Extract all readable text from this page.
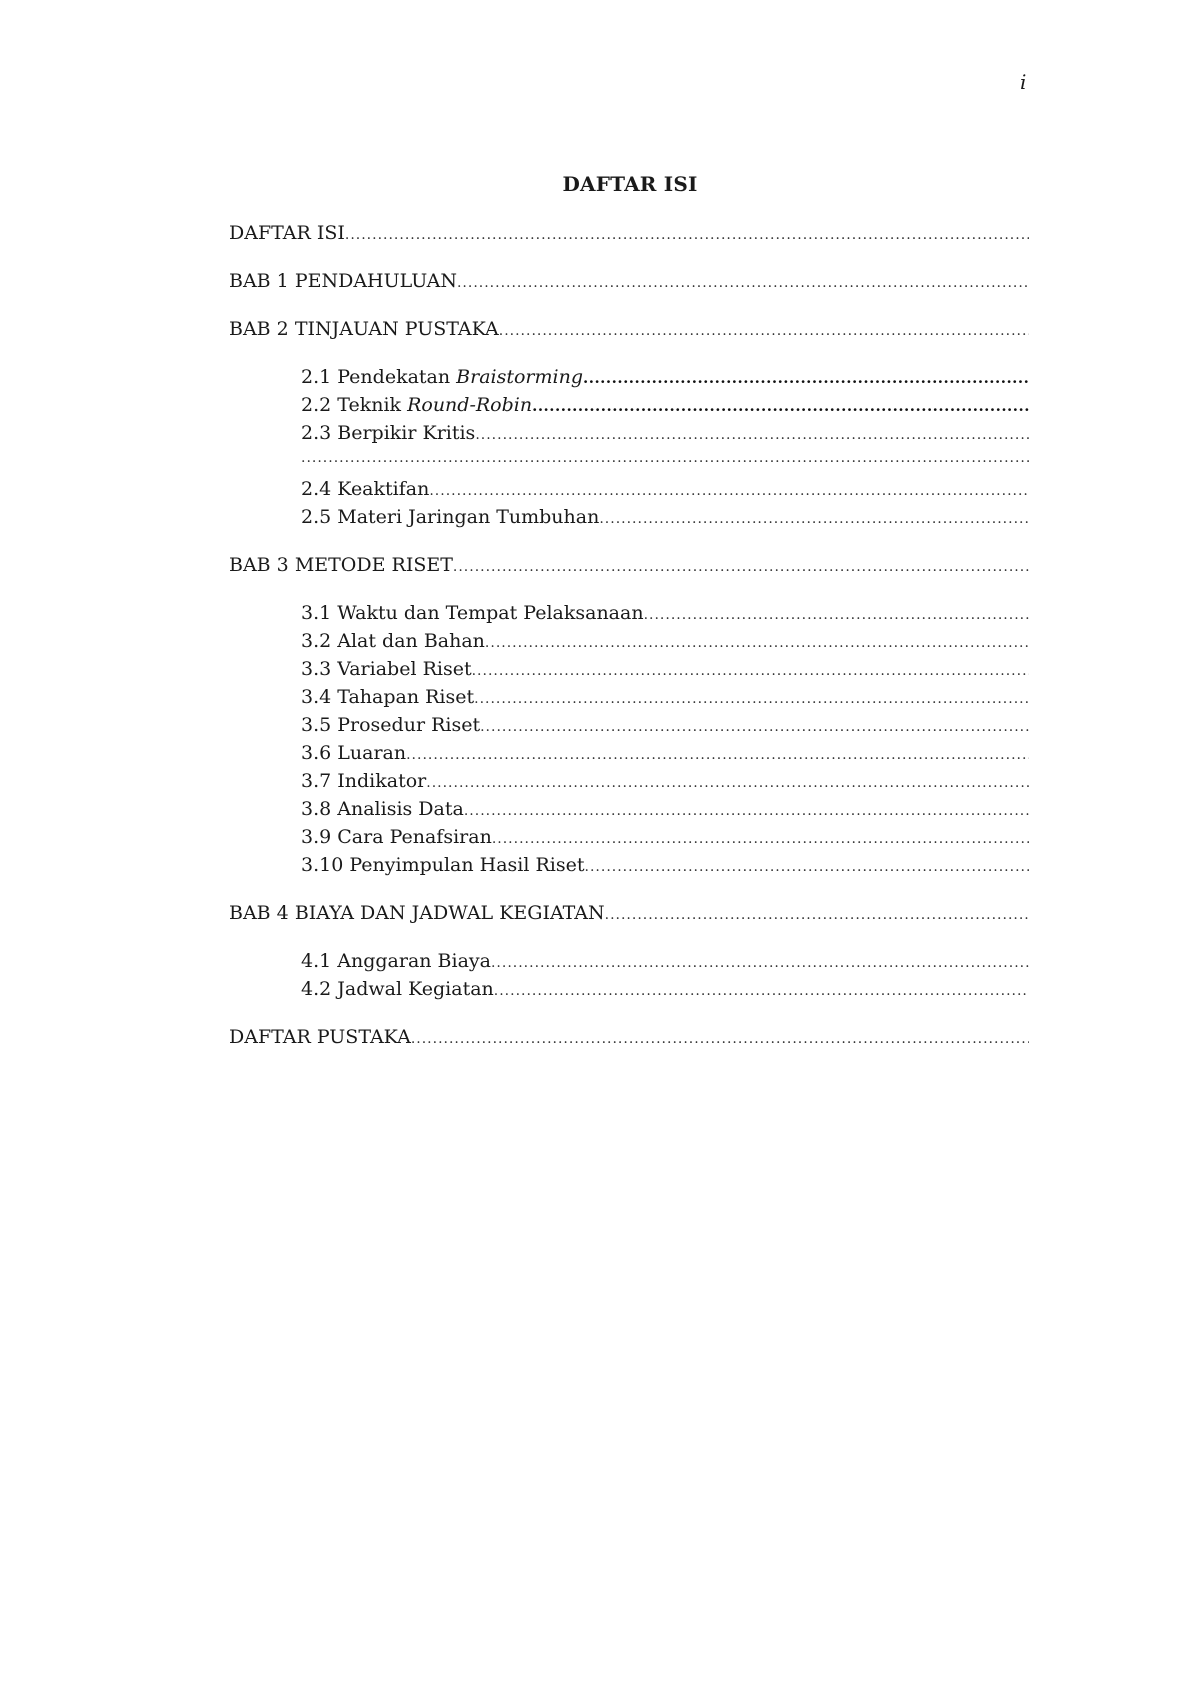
i
DAFTAR ISI
DAFTAR ISI
.....
BAB 1 PENDAHULUAN
.....
BAB 2 TINJAUAN PUSTAKA
.....
2.1 Pendekatan Braistorming
.....
2.2 Teknik Round-Robin
.....
2.3 Berpikir Kritis
.....
.....
2.4 Keaktifan
.....
2.5 Materi Jaringan Tumbuhan
.....
BAB 3 METODE RISET
.....
3.1 Waktu dan Tempat Pelaksanaan
.....
3.2 Alat dan Bahan
.....
3.3 Variabel Riset
.....
3.4 Tahapan Riset
.....
3.5 Prosedur Riset
.....
3.6 Luaran
.....
3.7 Indikator
.....
3.8 Analisis Data
.....
3.9 Cara Penafsiran
.....
3.10 Penyimpulan Hasil Riset
.....
BAB 4 BIAYA DAN JADWAL KEGIATAN
.....
4.1 Anggaran Biaya
.....
4.2 Jadwal Kegiatan
.....
DAFTAR PUSTAKA
.....
